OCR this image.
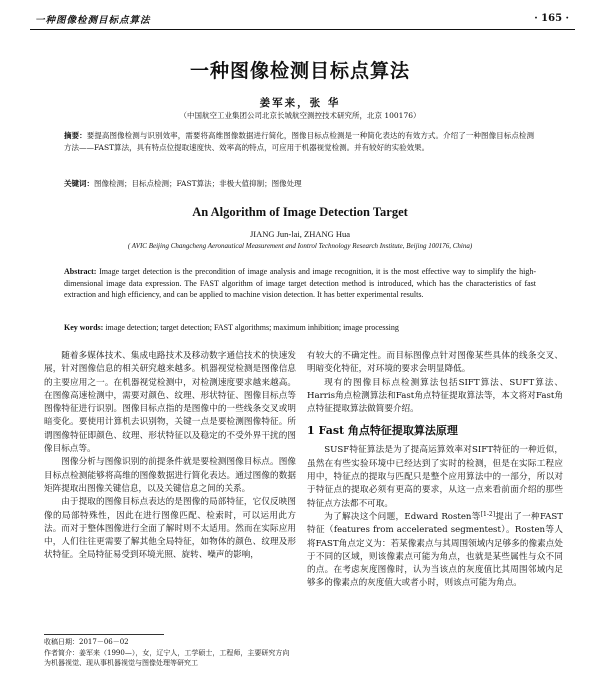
一种图像检测目标点算法	· 165 ·
一种图像检测目标点算法
姜军来，张 华
（中国航空工业集团公司北京长城航空测控技术研究所，北京 100176）
摘要：要提高图像检测与识别效率，需要将高维图像数据进行简化，图像目标点检测是一种简化表达的有效方式。介绍了一种图像目标点检测方法——FAST算法，具有特点位提取速度快、效率高的特点，可应用于机器视觉检测。并有较好的实验效果。
关键词：图像检测；目标点检测；FAST算法；非极大值抑制；图像处理
An Algorithm of Image Detection Target
JIANG Jun-lai, ZHANG Hua
( AVIC Beijing Changcheng Aeronautical Measurement and Iontrol Technology Research Institute, Beijing 100176, China)
Abstract: Image target detection is the precondition of image analysis and image recognition, it is the most effective way to simplify the high-dimensional image data expression. The FAST algorithm of image target detection method is introduced, which has the characteristics of fast extraction and high efficiency, and can be applied to machine vision detection. It has better experimental results.
Key words: image detection; target detection; FAST algorithms; maximum inhibition; image processing

随着多媒体技术、集成电路技术及移动数字通信技术的快速发展，针对图像信息的相关研究越来越多。机器视觉检测是图像信息的主要应用之一。在机器视觉检测中，对检测速度要求越来越高。在图像高速检测中，需要对颜色、纹理、形状特征、图像目标点等图像特征进行识别。图像目标点指的是图像中的一些线条交叉或明暗变化。要使用计算机去识别物，关键一点是要检测图像特征。所谓图像特征即颜色、纹理、形状特征以及稳定的不受外界干扰的图像目标点等。

图像分析与图像识别的前提条件就是要检测图像目标点。图像目标点检测能够将高维的图像数据进行简化表达。通过图像的数据矩阵提取出图像关键信息，以及关键信息之间的关系。

由于提取的图像目标点表达的是图像的局部特征，它仅反映图像的局部特殊性，因此在进行图像匹配、检索时，可以运用此方法。而对于整体图像进行全面了解时则不太适用。然而在实际应用中，人们往往更需要了解其他全局特征，如物体的颜色、纹理及形状特征。全局特征易受到环境光照、旋转、噪声的影响，

有较大的不确定性。而目标图像点针对图像某些具体的线条交叉、明暗变化特征，对环境的要求会明显降低。

现有的图像目标点检测算法包括SIFT算法、SUFT算法、Harris角点检测算法和Fast角点特征提取算法等，本文将对Fast角点特征提取算法做简要介绍。

1 Fast 角点特征提取算法原理

SUSF特征算法是为了提高运算效率对SIFT特征的一种近似，虽然在有些实验环境中已经达到了实时的检测，但是在实际工程应用中，特征点的提取与匹配只是整个应用算法中的一部分，所以对于特征点的提取必须有更高的要求，从这一点来看前面介绍的那些特征点方法都不可取。

为了解决这个问题，Edward Rosten等[1-2]提出了一种FAST特征（features from accelerated segmentest）。Rosten等人将FAST角点定义为：若某像素点与其周围领域内足够多的像素点处于不同的区域，则该像素点可能为角点，也就是某些属性与众不同的点。在考虑灰度图像时，认为当该点的灰度值比其周围邻域内足够多的像素点的灰度值大或者小时，则该点可能为角点。

收稿日期：2017－06－02
作者简介：姜军来（1990—），女，辽宁人，工学硕士，工程师，主要研究方向为机器视觉、现从事机器视觉与图像处理等研究工
